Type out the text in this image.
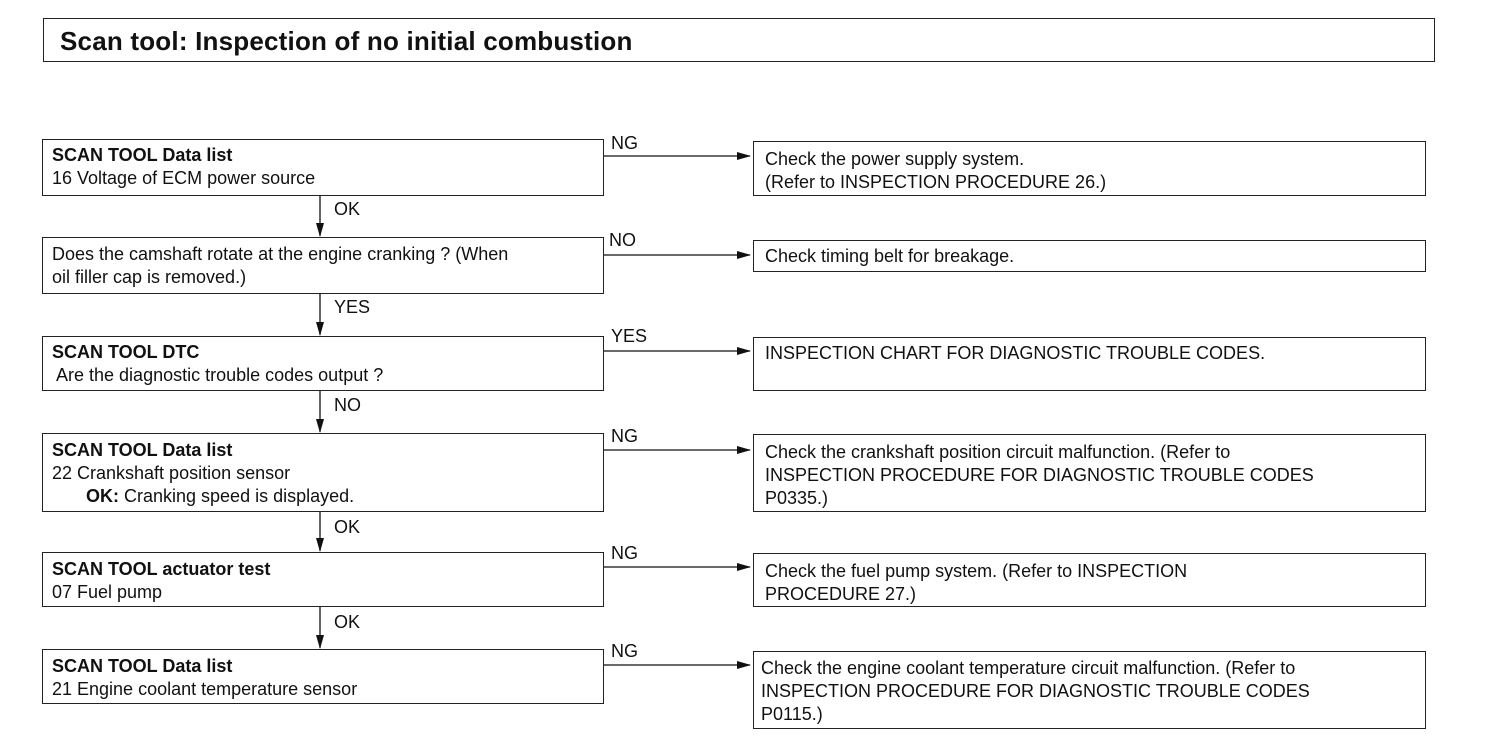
Scan tool: Inspection of no initial combustion
SCAN TOOL Data list
16 Voltage of ECM power source
NG
Check the power supply system.
(Refer to INSPECTION PROCEDURE 26.)
OK
Does the camshaft rotate at the engine cranking ? (When
oil filler cap is removed.)
NO
Check timing belt for breakage.
YES
SCAN TOOL DTC
Are the diagnostic trouble codes output ?
YES
INSPECTION CHART FOR DIAGNOSTIC TROUBLE CODES.
NO
SCAN TOOL Data list
22 Crankshaft position sensor
OK: Cranking speed is displayed.
NG
Check the crankshaft position circuit malfunction. (Refer to
INSPECTION PROCEDURE FOR DIAGNOSTIC TROUBLE CODES
P0335.)
OK
SCAN TOOL actuator test
07 Fuel pump
NG
Check the fuel pump system. (Refer to INSPECTION
PROCEDURE 27.)
OK
SCAN TOOL Data list
21 Engine coolant temperature sensor
NG
Check the engine coolant temperature circuit malfunction. (Refer to
INSPECTION PROCEDURE FOR DIAGNOSTIC TROUBLE CODES
P0115.)
